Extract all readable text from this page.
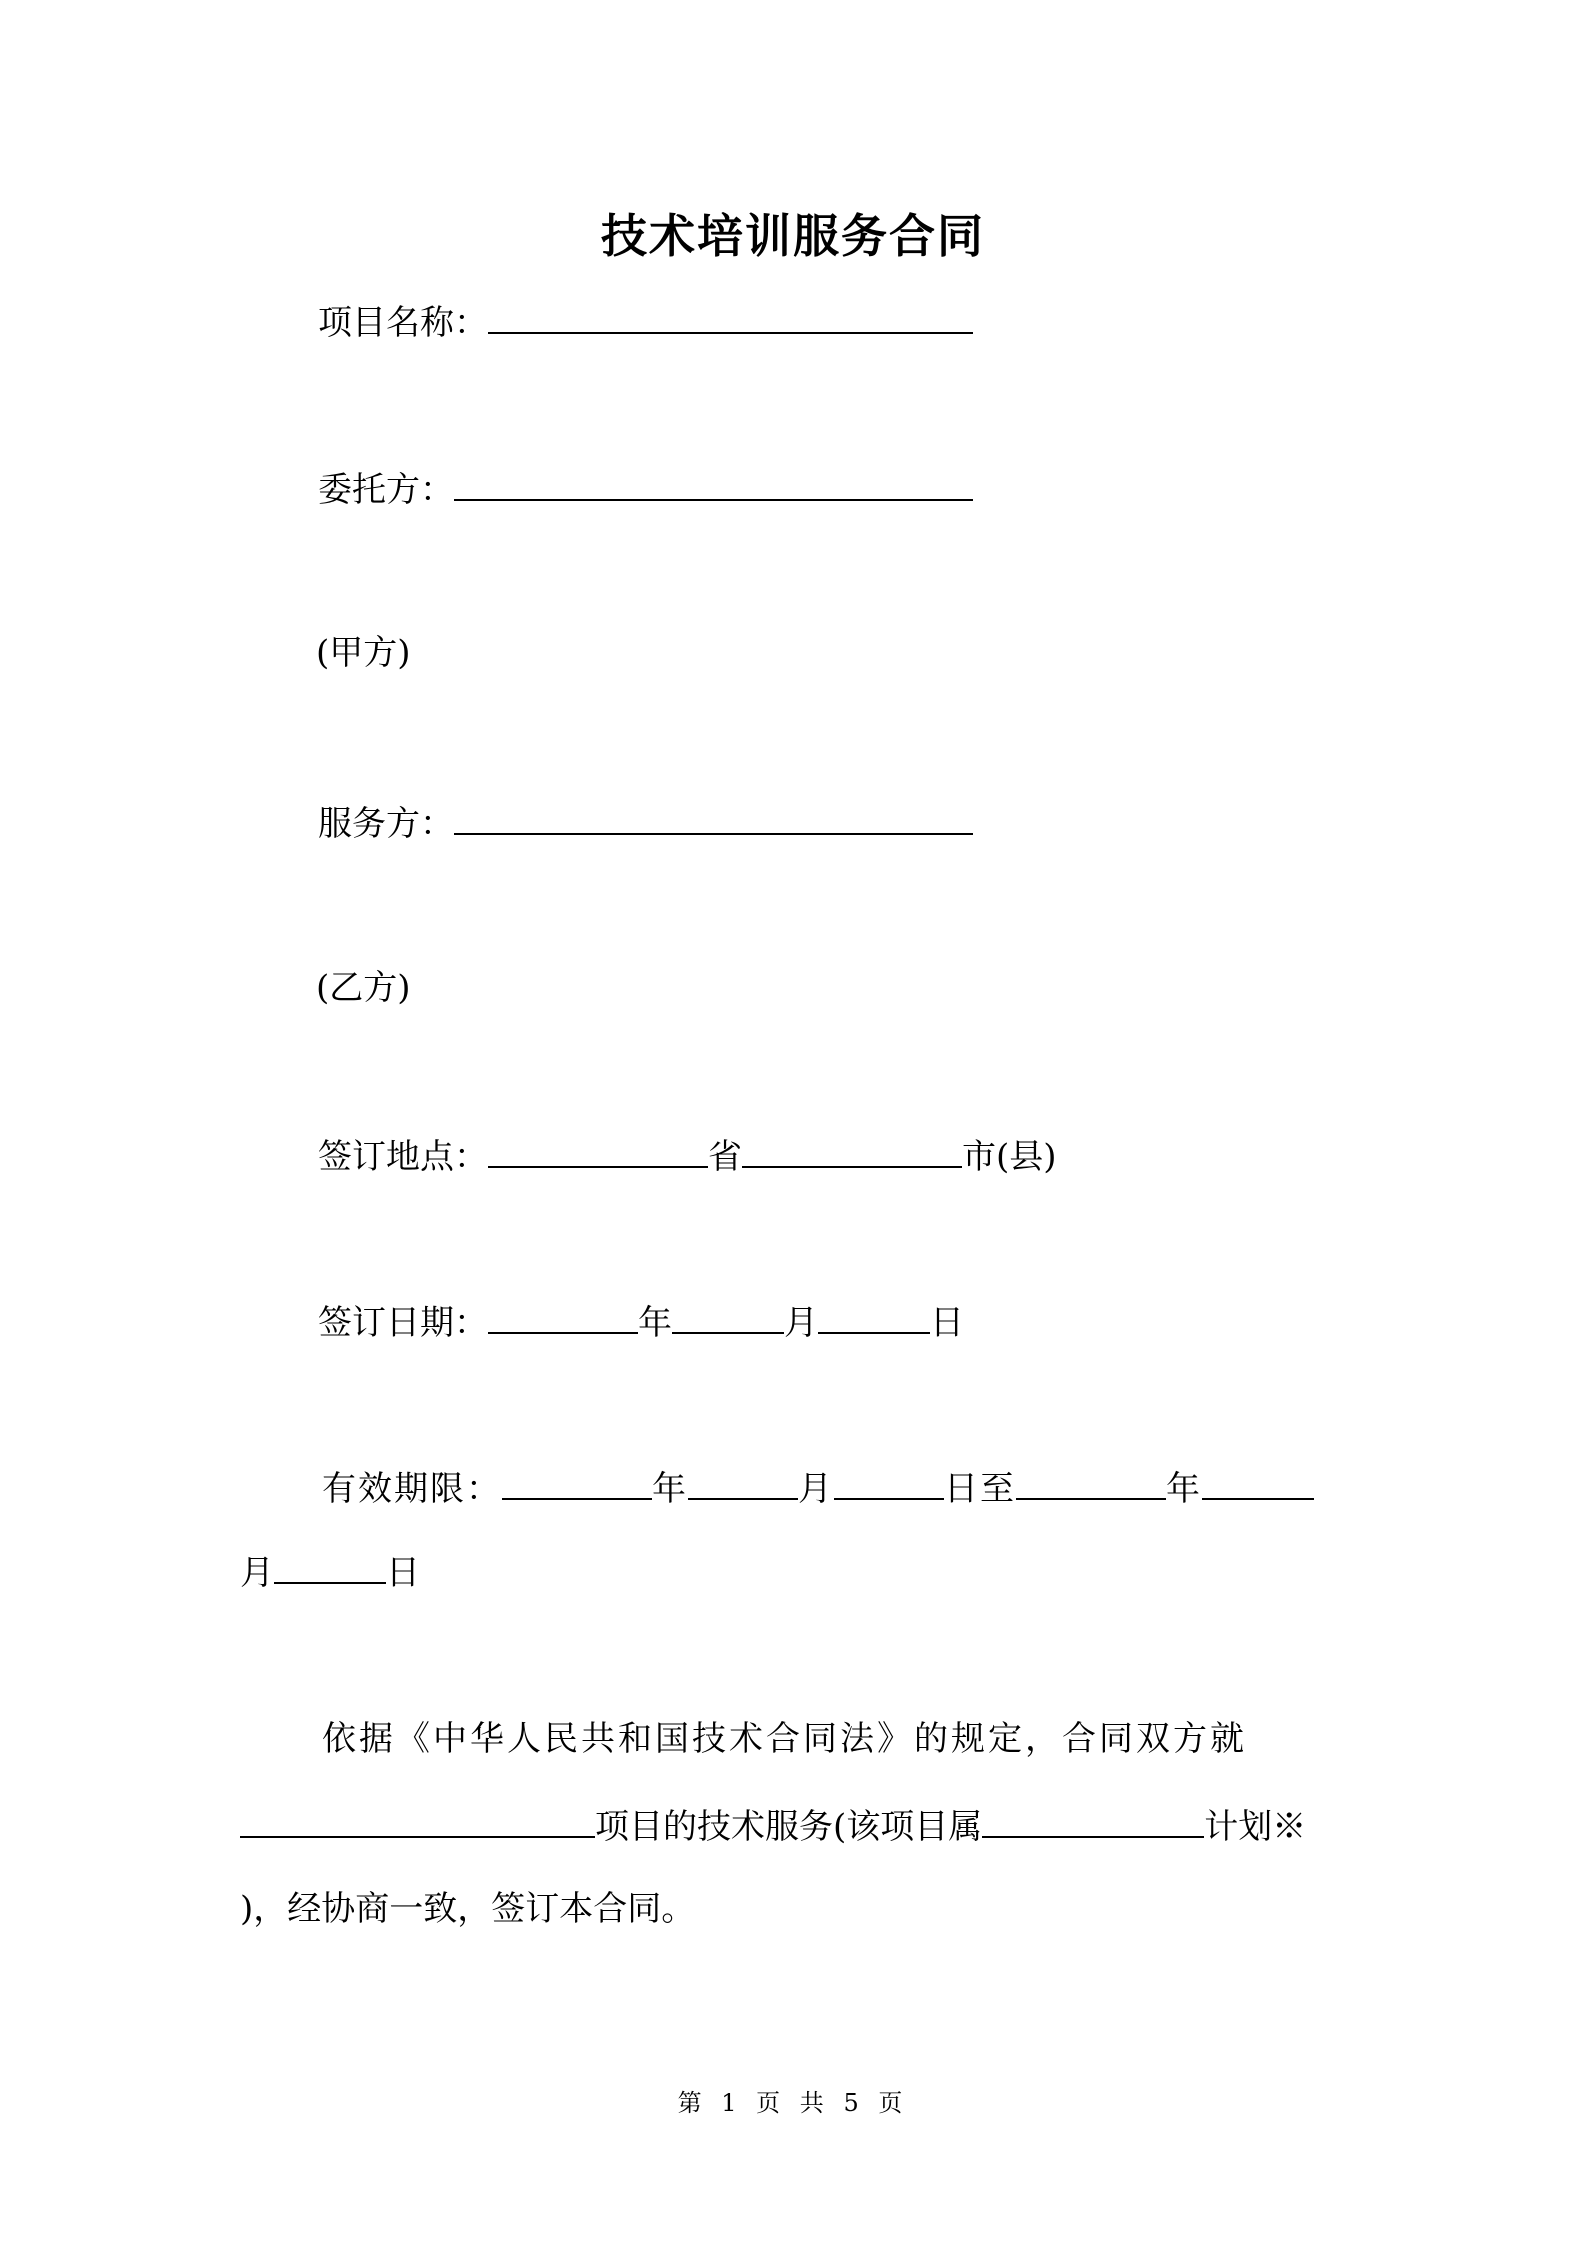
技术培训服务合同
项目名称：
委托方：
(甲方)
服务方：
(乙方)
签订地点：	省	市(县)
签订日期：	年	月	日
有效期限：	年	月	日至	年
月	日
依据《中华人民共和国技术合同法》的规定，合同双方就
项目的技术服务(该项目属	计划※
)，经协商一致，签订本合同。
第 1 页 共 5 页
